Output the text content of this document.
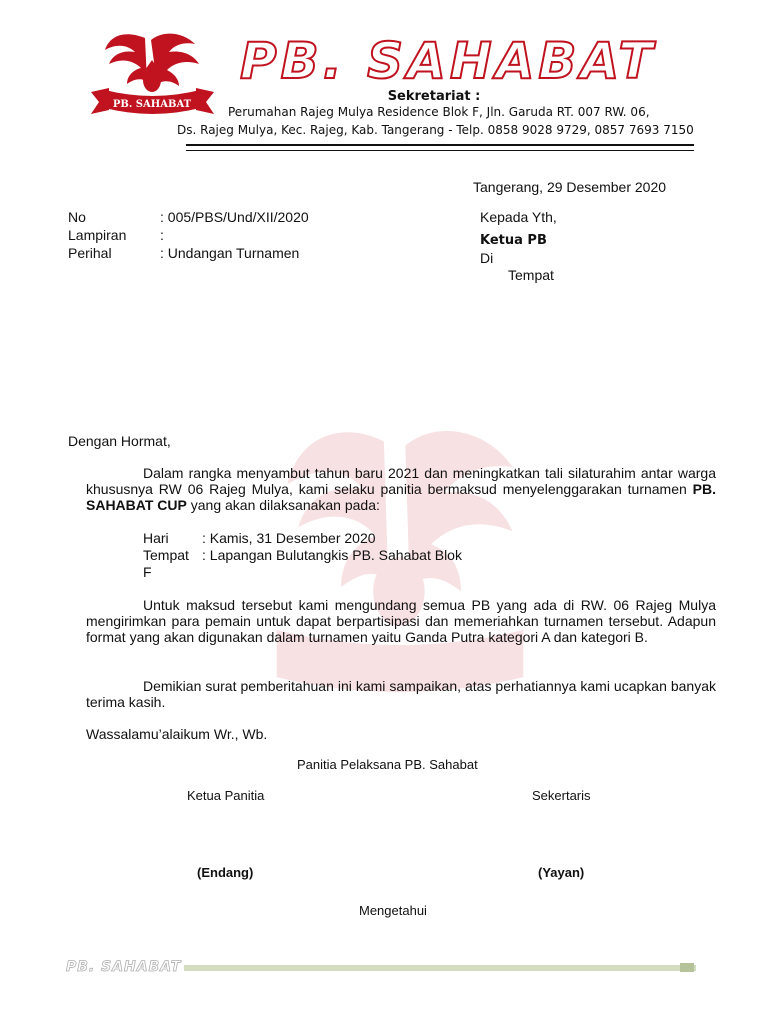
PB. SAHABAT
PB. SAHABAT
Sekretariat :
Perumahan Rajeg Mulya Residence Blok F, Jln. Garuda RT. 007 RW. 06,
Ds. Rajeg Mulya, Kec. Rajeg, Kab. Tangerang - Telp. 0858 9028 9729, 0857 7693 7150
Tangerang, 29 Desember 2020
No	: 005/PBS/Und/XII/2020
Lampiran :
Perihal	: Undangan Turnamen
Kepada Yth,
Ketua PB
Di
Tempat
Dengan Hormat,

Dalam rangka menyambut tahun baru 2021 dan meningkatkan tali silaturahim antar warga khususnya RW 06 Rajeg Mulya, kami selaku panitia bermaksud menyelenggarakan turnamen PB. SAHABAT CUP yang akan dilaksanakan pada:

Hari : Kamis, 31 Desember 2020
Tempat : Lapangan Bulutangkis PB. Sahabat Blok
F

Untuk maksud tersebut kami mengundang semua PB yang ada di RW. 06 Rajeg Mulya mengirimkan para pemain untuk dapat berpartisipasi dan memeriahkan turnamen tersebut. Adapun format yang akan digunakan dalam turnamen yaitu Ganda Putra kategori A dan kategori B.

Demikian surat pemberitahuan ini kami sampaikan, atas perhatiannya kami ucapkan banyak terima kasih.

Wassalamu’alaikum Wr., Wb.
Panitia Pelaksana PB. Sahabat
Ketua Panitia	Sekertaris
(Endang)	(Yayan)
Mengetahui
PB. SAHABAT
